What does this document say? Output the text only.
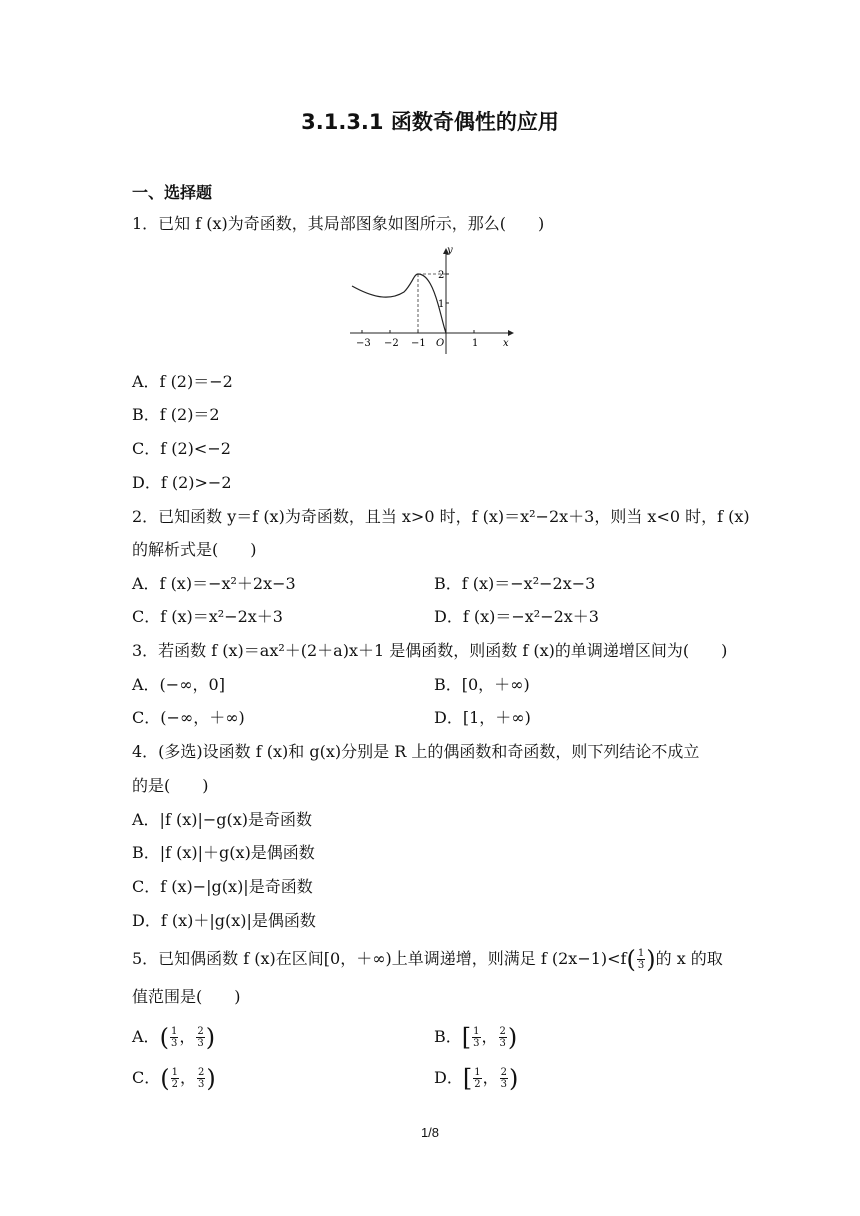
3.1.3.1 函数奇偶性的应用
一、选择题
1．已知 f (x)为奇函数，其局部图象如图所示，那么(　　)
y
x
O
−3 −2 −1	1
1
2
A．f (2)＝−2
B．f (2)＝2
C．f (2)<−2
D．f (2)>−2
2．已知函数 y＝f (x)为奇函数，且当 x>0 时，f (x)＝x²−2x＋3，则当 x<0 时，f (x)
的解析式是(　　)
A．f (x)＝−x²＋2x−3	B．f (x)＝−x²−2x−3
C．f (x)＝x²−2x＋3	D．f (x)＝−x²−2x＋3
3．若函数 f (x)＝ax²＋(2＋a)x＋1 是偶函数，则函数 f (x)的单调递增区间为(　　)
A．(−∞，0]	B．[0，＋∞)
C．(−∞，＋∞)	D．[1，＋∞)
4．(多选)设函数 f (x)和 g(x)分别是 R 上的偶函数和奇函数，则下列结论不成立
的是(　　)
A．|f (x)|−g(x)是奇函数
B．|f (x)|＋g(x)是偶函数
C．f (x)−|g(x)|是奇函数
D．f (x)＋|g(x)|是偶函数
5．已知偶函数 f (x)在区间[0，＋∞)上单调递增，则满足 f $(2x-1)<f( \frac{1}{3}$ )的 x 的取
值范围是(　　)
A．( $\frac{1}{3}$ ， $\frac{2}{3}$ )	B．[ $\frac{1}{3}$ ， $\frac{2}{3}$ )
C．( $\frac{1}{2}$ ， $\frac{2}{3}$ )	D．[ $\frac{1}{2}$ ， $\frac{2}{3}$ )
1/8
